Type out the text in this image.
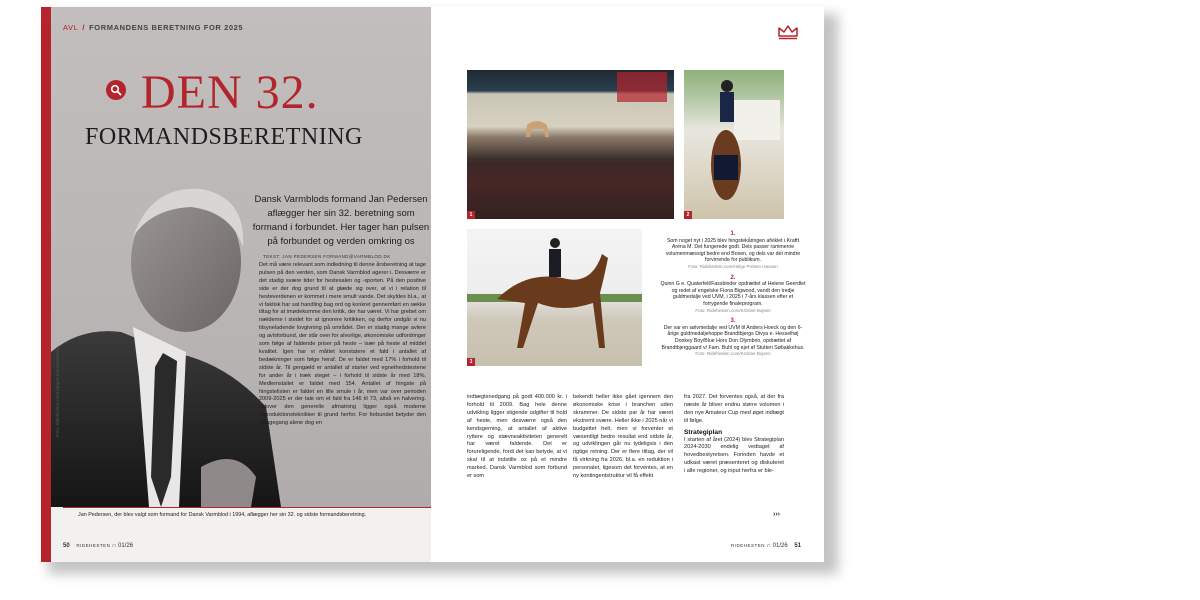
AVL / FORMANDENS BERETNING FOR 2025
DEN 32.
FORMANDSBERETNING
Dansk Varmblods formand Jan Pedersen aflægger her sin 32. beretning som formand i forbundet. Her tager han pulsen på forbundet og verden omkring os
TEKST: JAN PEDERSEN FORMAND@VARMBLOD.DK
Det må være relevant som indledning til denne årsberetning at tage pulsen på den verden, som Dansk Varmblod agerer i. Desværre er det stadig svære tider for hestesalen og -sporten. På den positive side er der dog grund til at glæde sig over, at vi i relation til hesteverdenen er kommet i mere smult vande. Det skyldes bl.a., at vi faktisk har sat handling bag ord og konkret gennemført en række tiltag for at imødekomme den kritik, der har været. Vi har grebet om nælderne i stedet for at ignorere kritikken, og derfor undgår vi nu tilsyneladende lovgivning på området. Der er stadig mange avlere og avlsforbund, der står over for alvorlige, økonomiske udfordringer som følge af faldende priser på heste – især på heste af middel kvalitet. Igen har vi måttet konstatere et fald i antallet af bedækninger som følge heraf. De er faldet med 17% i forhold til sidste år. Til gengæld er antallet af starter ved egnethedstestene for ander år i træk steget – i forhold til sidste år med 18%. Medlemstallet er faldet med 154. Antallet af hingste på hingstelisten er faldet en lille smule i år, men var over perioden 2009-2025 er der tale om et fald fra 146 til 73, altså en halvering. Udover den generelle afmatning ligger også moderne reproduktionsteknikker til grund herfor. For forbundet betyder den tilbagegang alene dog en
Foto: Ridehesten.com/Jørgen Kiel Mortensen
Jan Pedersen, der blev valgt som formand for Dansk Varmblod i 1994, aflægger her sin 32. og sidste formandsberetning.
50 RIDEHESTEN ∩ 01/26
1	2
3
1.
Som noget nyt i 2025 blev hingstekåringen afviklet i Kraftt Arena M. Det fungerede godt. Dels passer rammerne volumenmæssigt bedre end Boxen, og dels var det mindre forvirrende for publikum.
Foto: Ridehesten.com/Helge Preben Hansen
2.
Quinn G e. Quaterfelt/Fassbinder opdrættet af Helene Geerdlet og redet af engelske Fiona Bigwood, vandt den tredje guldmedalje ved UVM, i 2025 i 7-års klassen efter et forrygende finaleprogram.
Foto: Ridehesten.com/Kristine Bojsen
3.
Der var en sølvmedalje ved UVM til Anders Hoeck og den 6-årige guldmedaljehoppe Brandtbjergs Divya e. Hesselhøj Donkey Boy/Blue Hors Don Olymbrio, opdrættet af Brandtbjerggaard v/ Fam. Buhl og ejet af Stutteri Søbakkehus.
Foto: Ridehesten.com/Kristine Bojsen
indtægtsnedgang på godt 400.000 kr. i forhold til 2009. Bag hele denne udvikling ligger stigende udgifter til hold af heste, men desværre også den kendsgerning, at antallet af aktive ryttere og stævneaktiviteten generelt har været faldende. Det er forureligende, fordi det kan betyde, at vi skal til at indstille os på et mindre marked. Dansk Varmblod som forbund er som
bekendt heller ikke gået igennem den økonomiske krise i branchen uden skrammer. De sidste par år har været ekstremt svære. Heller ikke i 2025 når vi budgettet helt, men vi forventer et væsentligt bedre resultat end sidste år, og udviklingen går nu tydeligvis i den rigtige retning. Der er flere tiltag, der vil få virkning fra 2026, bl.a. en reduktion i personalet, ligesom det forventes, at en ny kontingentstruktur vil få effekt
fra 2027. Det forventes også, at der fra næste år bliver endnu større volumen i den nye Amateur Cup med øget indtægt til følge.
Strategiplan
I starten af året (2024) blev Strategiplan 2024-2030 endelig vedtaget af hovedbestyrelsen. Forinden havde et udkast været præsenteret og diskuteret i alle regioner, og input herfra er ble-
›››
RIDEHESTEN ∩ 01/26 51
